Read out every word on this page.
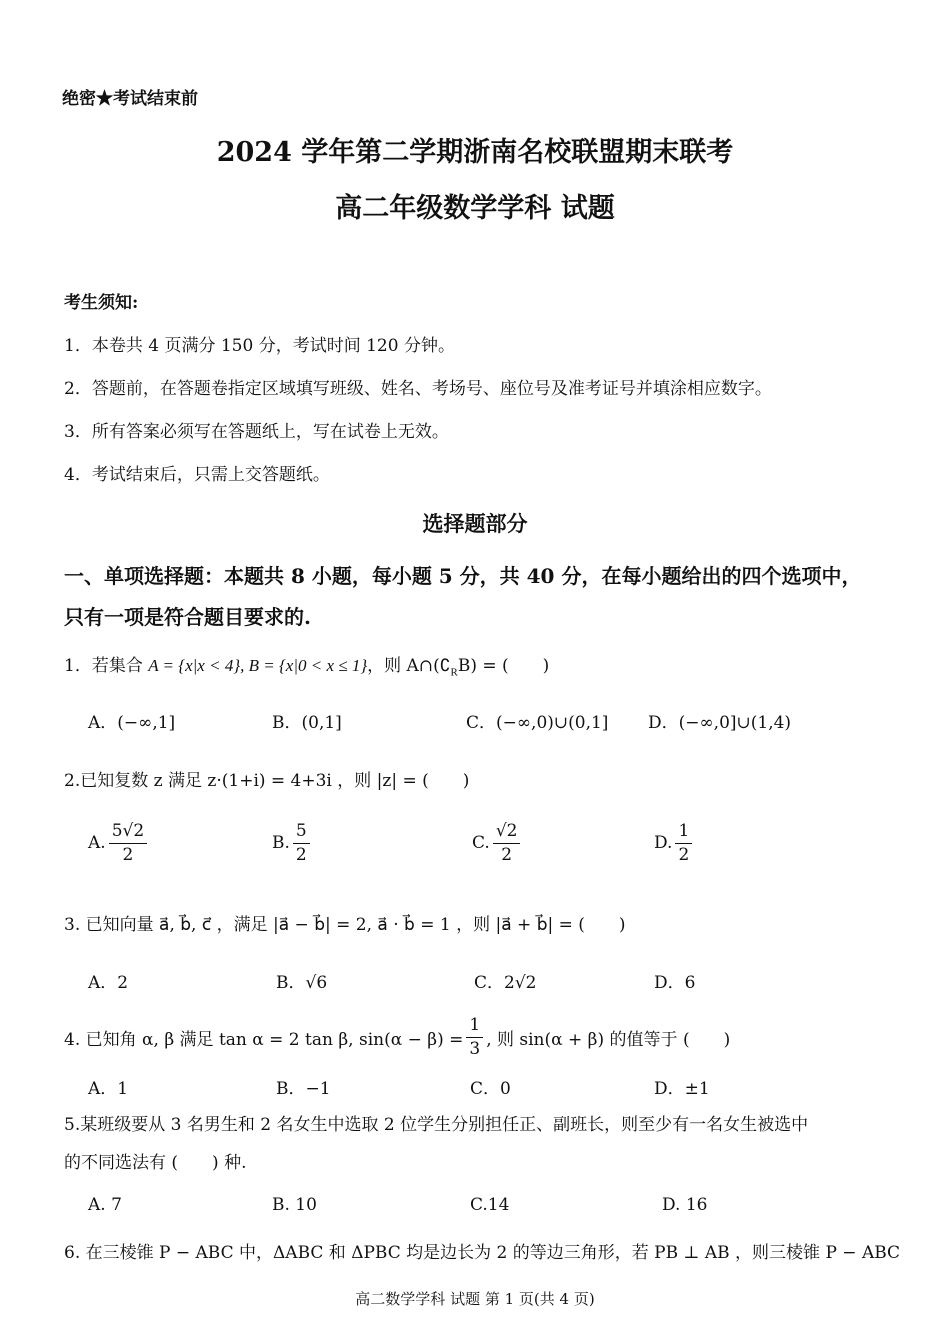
绝密★考试结束前
2024 学年第二学期浙南名校联盟期末联考
高二年级数学学科 试题
考生须知:
1．本卷共 4 页满分 150 分，考试时间 120 分钟。
2．答题前，在答题卷指定区域填写班级、姓名、考场号、座位号及准考证号并填涂相应数字。
3．所有答案必须写在答题纸上，写在试卷上无效。
4．考试结束后，只需上交答题纸。
选择题部分
一、单项选择题：本题共 8 小题，每小题 5 分，共 40 分，在每小题给出的四个选项中，
只有一项是符合题目要求的.
1．若集合 A = {x|x < 4}, B = {x|0 < x ≤ 1}，则 $A\cap(∁_RB)$ = (　　)
A．(−∞,1]	B．(0,1]	C．(−∞,0)∪(0,1] D．(−∞,0]∪(1,4)
2.已知复数 z 满足 z·(1+i) = 4+3i ，则 |z| = (　　)
A. $\frac{5√2}{2}$	B. $\frac{5}{2}$	C. $\frac{√2}{2}$	D. $\frac{1}{2}$
3. 已知向量 a⃗, b⃗, c⃗ ，满足 |a⃗ − b⃗| = 2, a⃗ · b⃗ = 1 ，则 |a⃗ + b⃗| = (　　)
A．2	B．√6	C．2√2	D．6
4. 已知角 α, β 满足 tan α = 2 tan β, $\sin(\alpha - \beta) = \frac{1}{3}$ , 则 sin(α + β) 的值等于 (　　)
A．1	B．−1	C．0	D．±1
5.某班级要从 3 名男生和 2 名女生中选取 2 位学生分别担任正、副班长，则至少有一名女生被选中
的不同选法有 (　　) 种.
A. 7	B. 10	C.14	D. 16
6. 在三棱锥 P − ABC 中，ΔABC 和 ΔPBC 均是边长为 2 的等边三角形，若 PB ⊥ AB ，则三棱锥 P − ABC
高二数学学科 试题 第 1 页(共 4 页)
